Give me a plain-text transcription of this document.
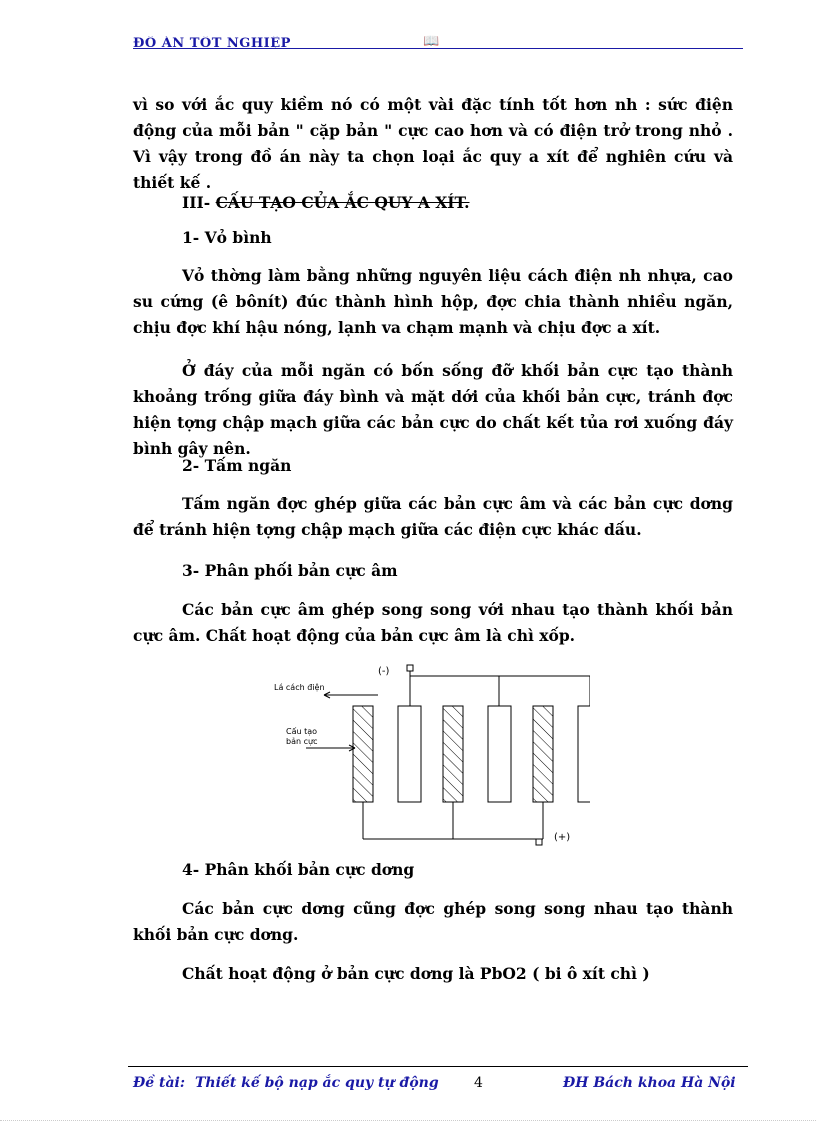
ĐỒ ÁN TỐT NGHIỆP	📖
vì so với ắc quy kiềm nó có một vài đặc tính tốt hơn nh : sức điện động của mỗi bản " cặp bản " cực cao hơn và có điện trở trong nhỏ . Vì vậy trong đồ án này ta chọn loại ắc quy a xít để nghiên cứu và thiết kế .
III- CẤU TẠO CỦA ẮC QUY A XÍT.
1- Vỏ bình
Vỏ thờng làm bằng những nguyên liệu cách điện nh nhựa, cao su cứng (ê bônít) đúc thành hình hộp, đợc chia thành nhiều ngăn, chịu đợc khí hậu nóng, lạnh va chạm mạnh và chịu đợc a xít.
Ở đáy của mỗi ngăn có bốn sống đỡ khối bản cực tạo thành khoảng trống giữa đáy bình và mặt dới của khối bản cực, tránh đợc hiện tợng chập mạch giữa các bản cực do chất kết tủa rơi xuống đáy bình gây nên.
2- Tấm ngăn
Tấm ngăn đợc ghép giữa các bản cực âm và các bản cực dơng để tránh hiện tợng chập mạch giữa các điện cực khác dấu.
3- Phân phối bản cực âm
Các bản cực âm ghép song song với nhau tạo thành khối bản cực âm. Chất hoạt động của bản cực âm là chì xốp.
(-)
(+)
Lá cách điện
Cấu tạo
bản cực
4- Phân khối bản cực dơng
Các bản cực dơng cũng đợc ghép song song nhau tạo thành khối bản cực dơng.
Chất hoạt động ở bản cực dơng là PbO2 ( bi ô xít chì )
Đề tài: Thiết kế bộ nạp ắc quy tự động	4	ĐH Bách khoa Hà Nội
